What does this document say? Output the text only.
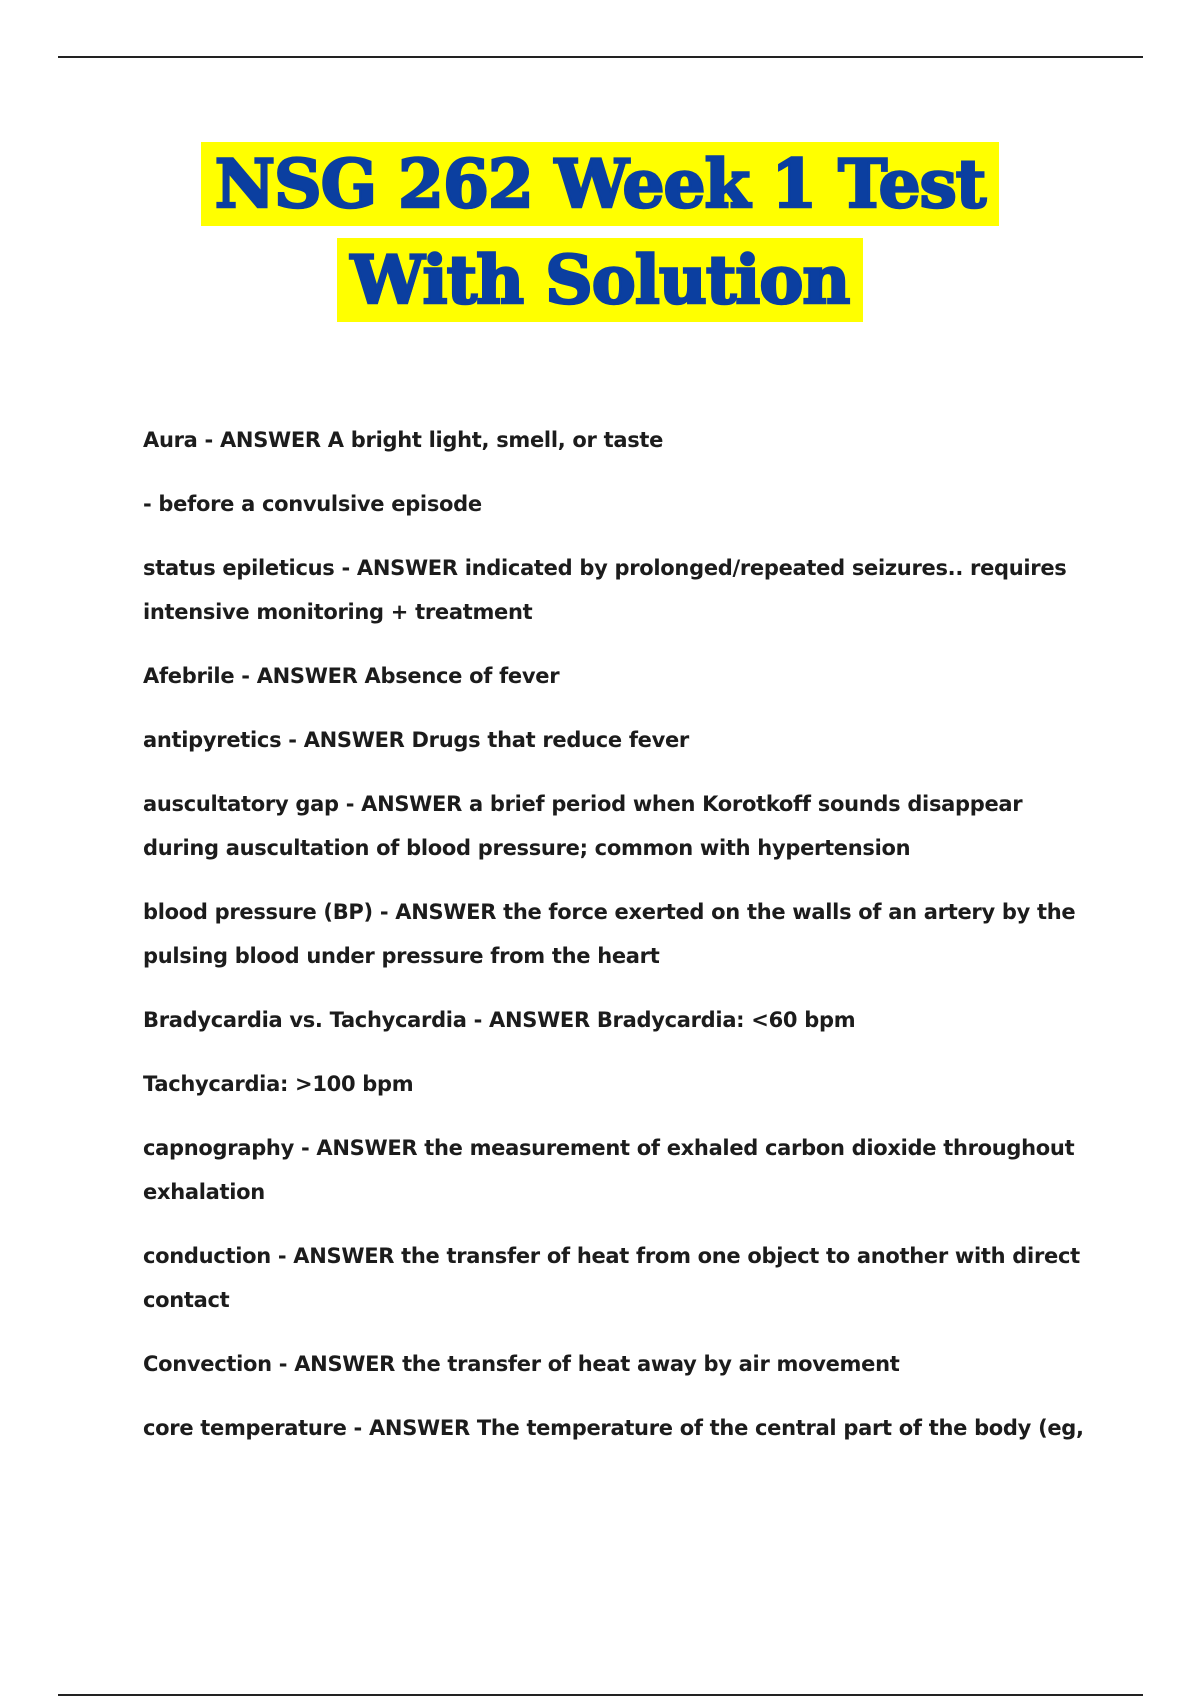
NSG 262 Week 1 Test
With Solution

Aura - ANSWER A bright light, smell, or taste

- before a convulsive episode

status epileticus - ANSWER indicated by prolonged/repeated seizures.. requires intensive monitoring + treatment

Afebrile - ANSWER Absence of fever

antipyretics - ANSWER Drugs that reduce fever

auscultatory gap - ANSWER a brief period when Korotkoff sounds disappear during auscultation of blood pressure; common with hypertension

blood pressure (BP) - ANSWER the force exerted on the walls of an artery by the pulsing blood under pressure from the heart

Bradycardia vs. Tachycardia - ANSWER Bradycardia: <60 bpm

Tachycardia: >100 bpm

capnography - ANSWER the measurement of exhaled carbon dioxide throughout exhalation

conduction - ANSWER the transfer of heat from one object to another with direct contact

Convection - ANSWER the transfer of heat away by air movement

core temperature - ANSWER The temperature of the central part of the body (eg,
